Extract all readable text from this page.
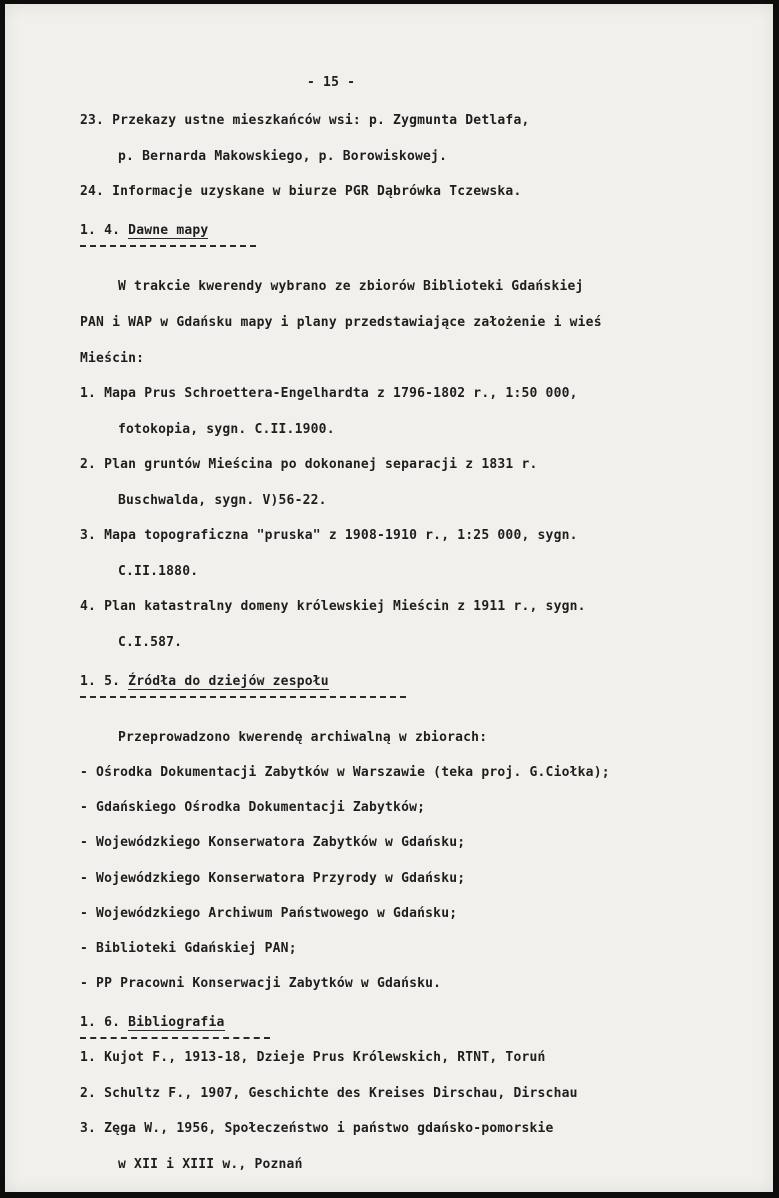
- 15 -
23. Przekazy ustne mieszkańców wsi: p. Zygmunta Detlafa,
p. Bernarda Makowskiego, p. Borowiskowej.
24. Informacje uzyskane w biurze PGR Dąbrówka Tczewska.
1. 4. Dawne mapy
W trakcie kwerendy wybrano ze zbiorów Biblioteki Gdańskiej
PAN i WAP w Gdańsku mapy i plany przedstawiające założenie i wieś
Mieścin:
1. Mapa Prus Schroettera-Engelhardta z 1796-1802 r., 1:50 000,
fotokopia, sygn. C.II.1900.
2. Plan gruntów Mieścina po dokonanej separacji z 1831 r.
Buschwalda, sygn. V)56-22.
3. Mapa topograficzna "pruska" z 1908-1910 r., 1:25 000, sygn.
C.II.1880.
4. Plan katastralny domeny królewskiej Mieścin z 1911 r., sygn.
C.I.587.
1. 5. Źródła do dziejów zespołu
Przeprowadzono kwerendę archiwalną w zbiorach:
- Ośrodka Dokumentacji Zabytków w Warszawie (teka proj. G.Ciołka);
- Gdańskiego Ośrodka Dokumentacji Zabytków;
- Wojewódzkiego Konserwatora Zabytków w Gdańsku;
- Wojewódzkiego Konserwatora Przyrody w Gdańsku;
- Wojewódzkiego Archiwum Państwowego w Gdańsku;
- Biblioteki Gdańskiej PAN;
- PP Pracowni Konserwacji Zabytków w Gdańsku.
1. 6. Bibliografia
1. Kujot F., 1913-18, Dzieje Prus Królewskich, RTNT, Toruń
2. Schultz F., 1907, Geschichte des Kreises Dirschau, Dirschau
3. Zęga W., 1956, Społeczeństwo i państwo gdańsko-pomorskie
w XII i XIII w., Poznań
